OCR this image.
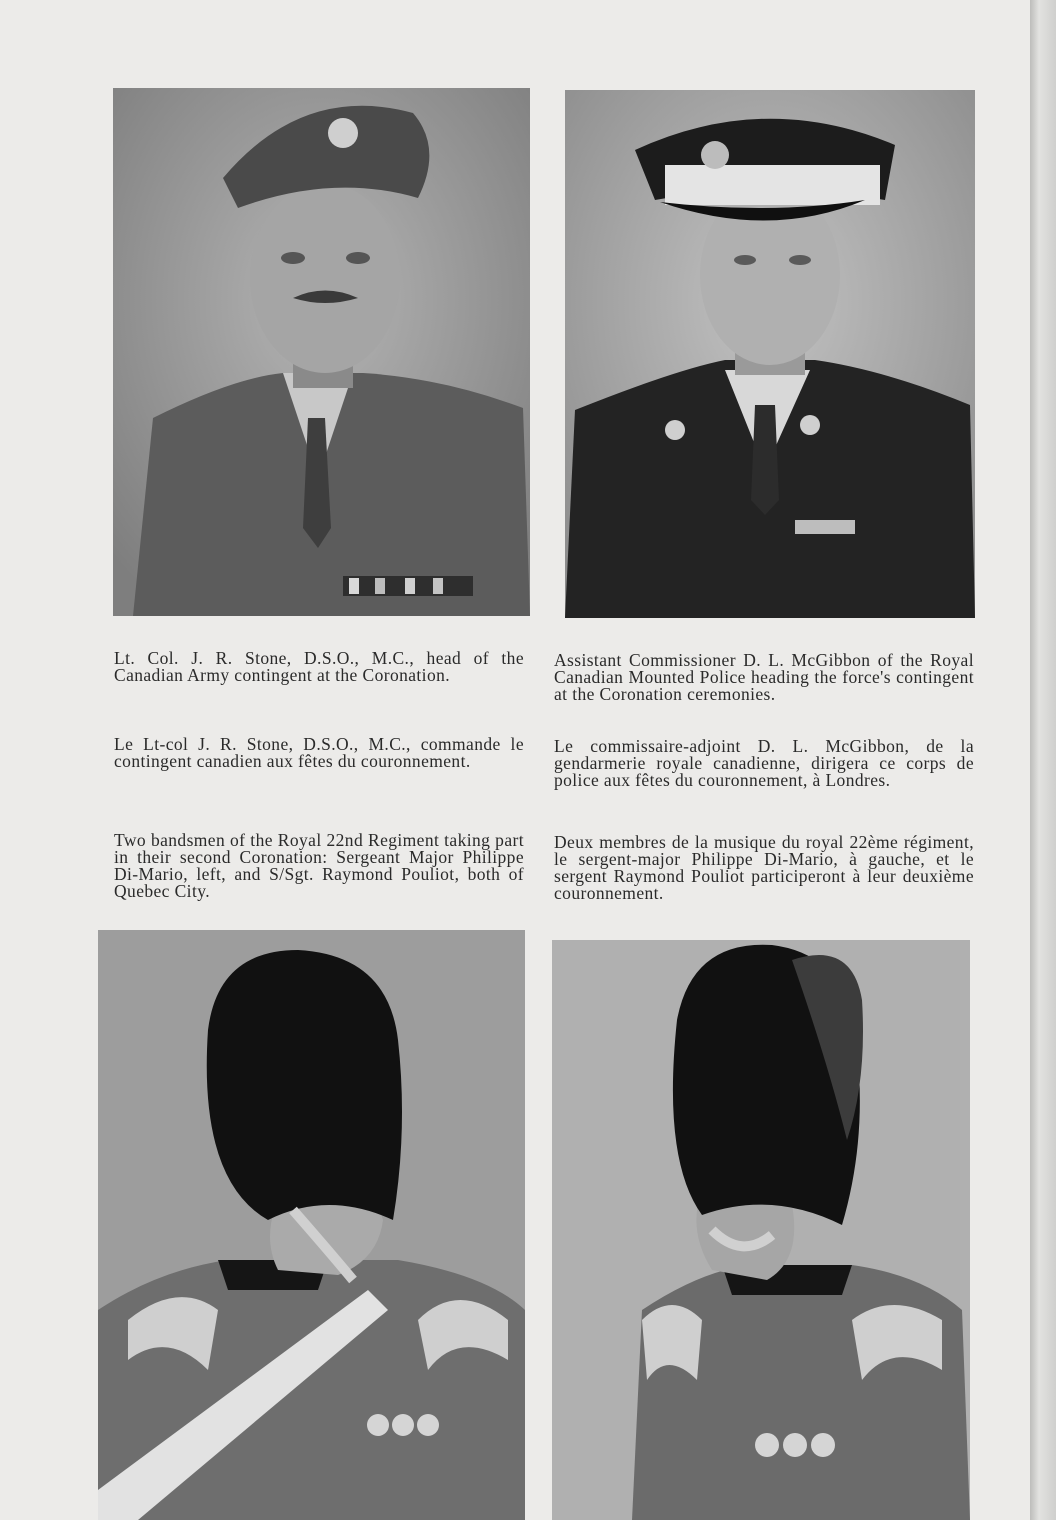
Lt. Col. J. R. Stone, D.S.O., M.C., head of the Canadian Army contingent at the Coronation.

Le Lt-col J. R. Stone, D.S.O., M.C., commande le contingent canadien aux fêtes du couronnement.

Assistant Commissioner D. L. McGibbon of the Royal Canadian Mounted Police heading the force's contingent at the Coronation ceremonies.

Le commissaire-adjoint D. L. McGibbon, de la gendarmerie royale canadienne, dirigera ce corps de police aux fêtes du couronnement, à Londres.

Two bandsmen of the Royal 22nd Regiment taking part in their second Coronation: Sergeant Major Philippe Di-Mario, left, and S/Sgt. Raymond Pouliot, both of Quebec City.

Deux membres de la musique du royal 22ème régiment, le sergent-major Philippe Di-Mario, à gauche, et le sergent Raymond Pouliot participeront à leur deuxième couronnement.
